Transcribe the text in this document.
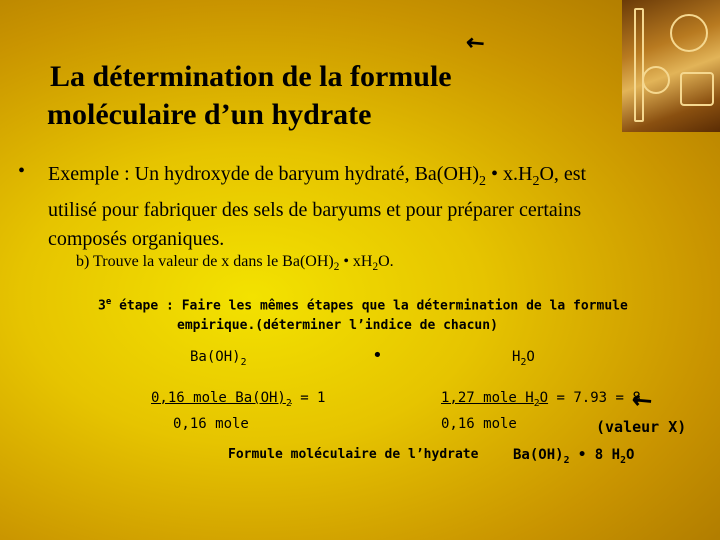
↖
La détermination de la formule
moléculaire d’un hydrate
• Exemple : Un hydroxyde de baryum hydraté, $Ba(OH)_2$ • $x.H_2O$, est
utilisé pour fabriquer des sels de baryums et pour préparer certains
composés organiques.
b) Trouve la valeur de x dans le $Ba(OH)_2$ • $xH_2O$.
3e étape : Faire les mêmes étapes que la détermination de la formule
empirique.(déterminer l’indice de chacun)
$Ba(OH)_2$	•	$H_2O$
0,16 mole $Ba(OH)_2 = 1$
0,16 mole
1,27 mole $H_2O = 7.93 = 8$
0,16 mole
↖
(valeur X)
Formule moléculaire de l’hydrate $Ba(OH)_2$ • 8 $H_2O$
